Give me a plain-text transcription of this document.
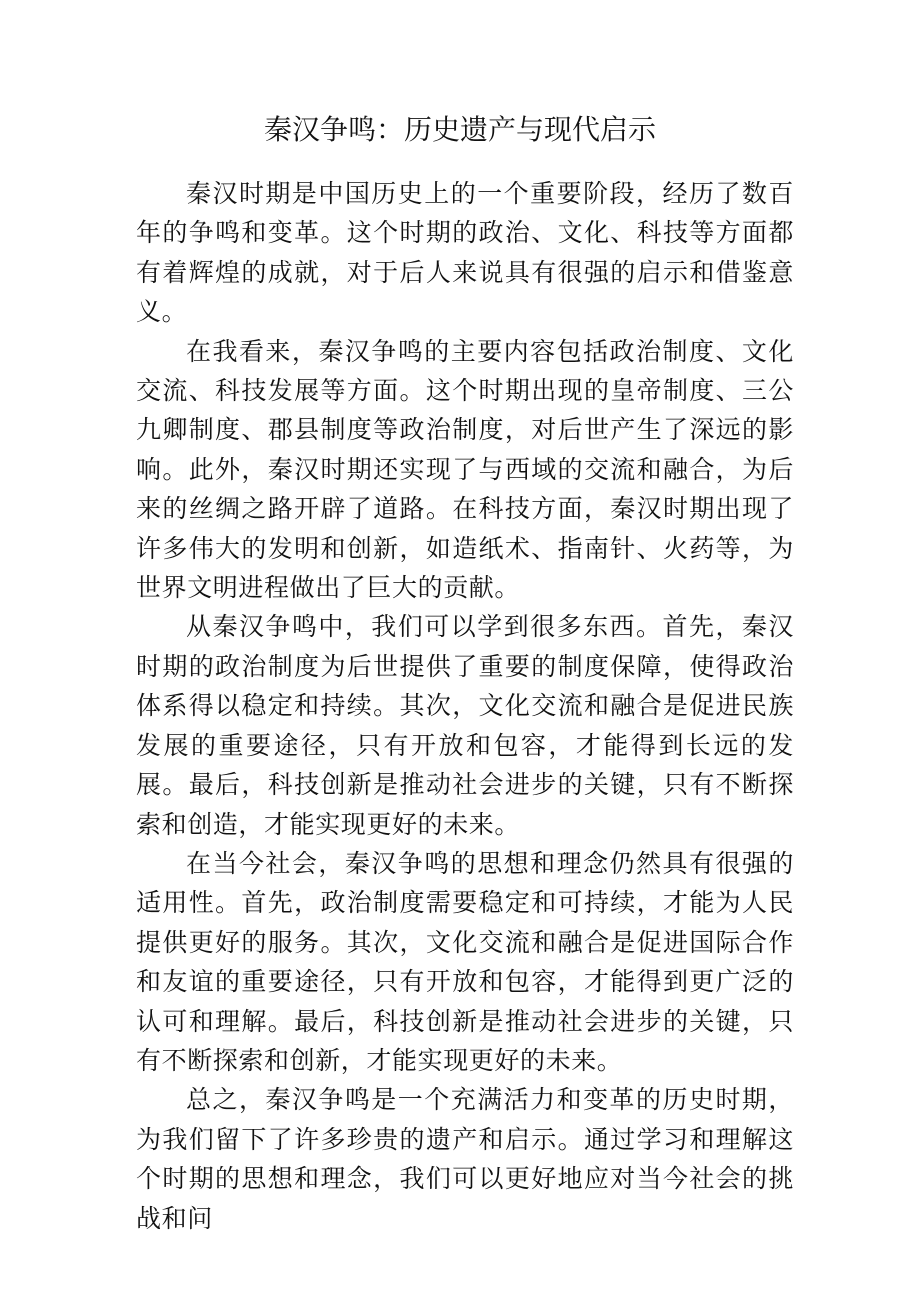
秦汉争鸣：历史遗产与现代启示

秦汉时期是中国历史上的一个重要阶段，经历了数百年的争鸣和变革。这个时期的政治、文化、科技等方面都有着辉煌的成就，对于后人来说具有很强的启示和借鉴意义。

在我看来，秦汉争鸣的主要内容包括政治制度、文化交流、科技发展等方面。这个时期出现的皇帝制度、三公九卿制度、郡县制度等政治制度，对后世产生了深远的影响。此外，秦汉时期还实现了与西域的交流和融合，为后来的丝绸之路开辟了道路。在科技方面，秦汉时期出现了许多伟大的发明和创新，如造纸术、指南针、火药等，为世界文明进程做出了巨大的贡献。

从秦汉争鸣中，我们可以学到很多东西。首先，秦汉时期的政治制度为后世提供了重要的制度保障，使得政治体系得以稳定和持续。其次，文化交流和融合是促进民族发展的重要途径，只有开放和包容，才能得到长远的发展。最后，科技创新是推动社会进步的关键，只有不断探索和创造，才能实现更好的未来。

在当今社会，秦汉争鸣的思想和理念仍然具有很强的适用性。首先，政治制度需要稳定和可持续，才能为人民提供更好的服务。其次，文化交流和融合是促进国际合作和友谊的重要途径，只有开放和包容，才能得到更广泛的认可和理解。最后，科技创新是推动社会进步的关键，只有不断探索和创新，才能实现更好的未来。

总之，秦汉争鸣是一个充满活力和变革的历史时期，为我们留下了许多珍贵的遗产和启示。通过学习和理解这个时期的思想和理念，我们可以更好地应对当今社会的挑战和问
